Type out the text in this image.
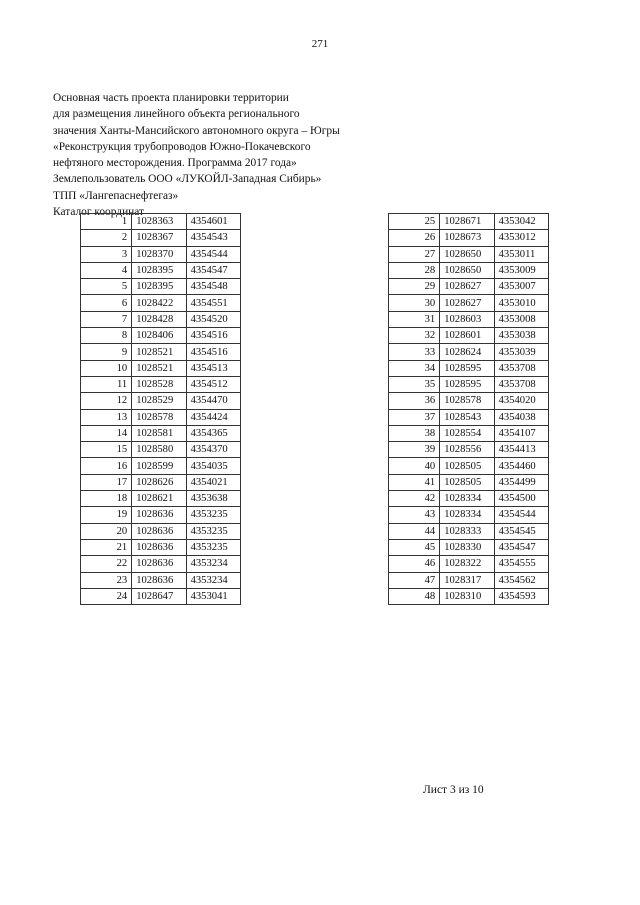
271
Основная часть проекта планировки территории
для размещения линейного объекта регионального
значения Ханты-Мансийского автономного округа – Югры
«Реконструкция трубопроводов Южно-Покачевского
нефтяного месторождения. Программа 2017 года»
Землепользователь ООО «ЛУКОЙЛ-Западная Сибирь»
ТПП «Лангепаснефтегаз»
Каталог координат
1	1028363	4354601
2	1028367	4354543
3	1028370	4354544
4	1028395	4354547
5	1028395	4354548
6	1028422	4354551
7	1028428	4354520
8	1028406	4354516
9	1028521	4354516
10	1028521	4354513
11	1028528	4354512
12	1028529	4354470
13	1028578	4354424
14	1028581	4354365
15	1028580	4354370
16	1028599	4354035
17	1028626	4354021
18	1028621	4353638
19	1028636	4353235
20	1028636	4353235
21	1028636	4353235
22	1028636	4353234
23	1028636	4353234
24	1028647	4353041
25	1028671	4353042
26	1028673	4353012
27	1028650	4353011
28	1028650	4353009
29	1028627	4353007
30	1028627	4353010
31	1028603	4353008
32	1028601	4353038
33	1028624	4353039
34	1028595	4353708
35	1028595	4353708
36	1028578	4354020
37	1028543	4354038
38	1028554	4354107
39	1028556	4354413
40	1028505	4354460
41	1028505	4354499
42	1028334	4354500
43	1028334	4354544
44	1028333	4354545
45	1028330	4354547
46	1028322	4354555
47	1028317	4354562
48	1028310	4354593
Лист 3 из 10
